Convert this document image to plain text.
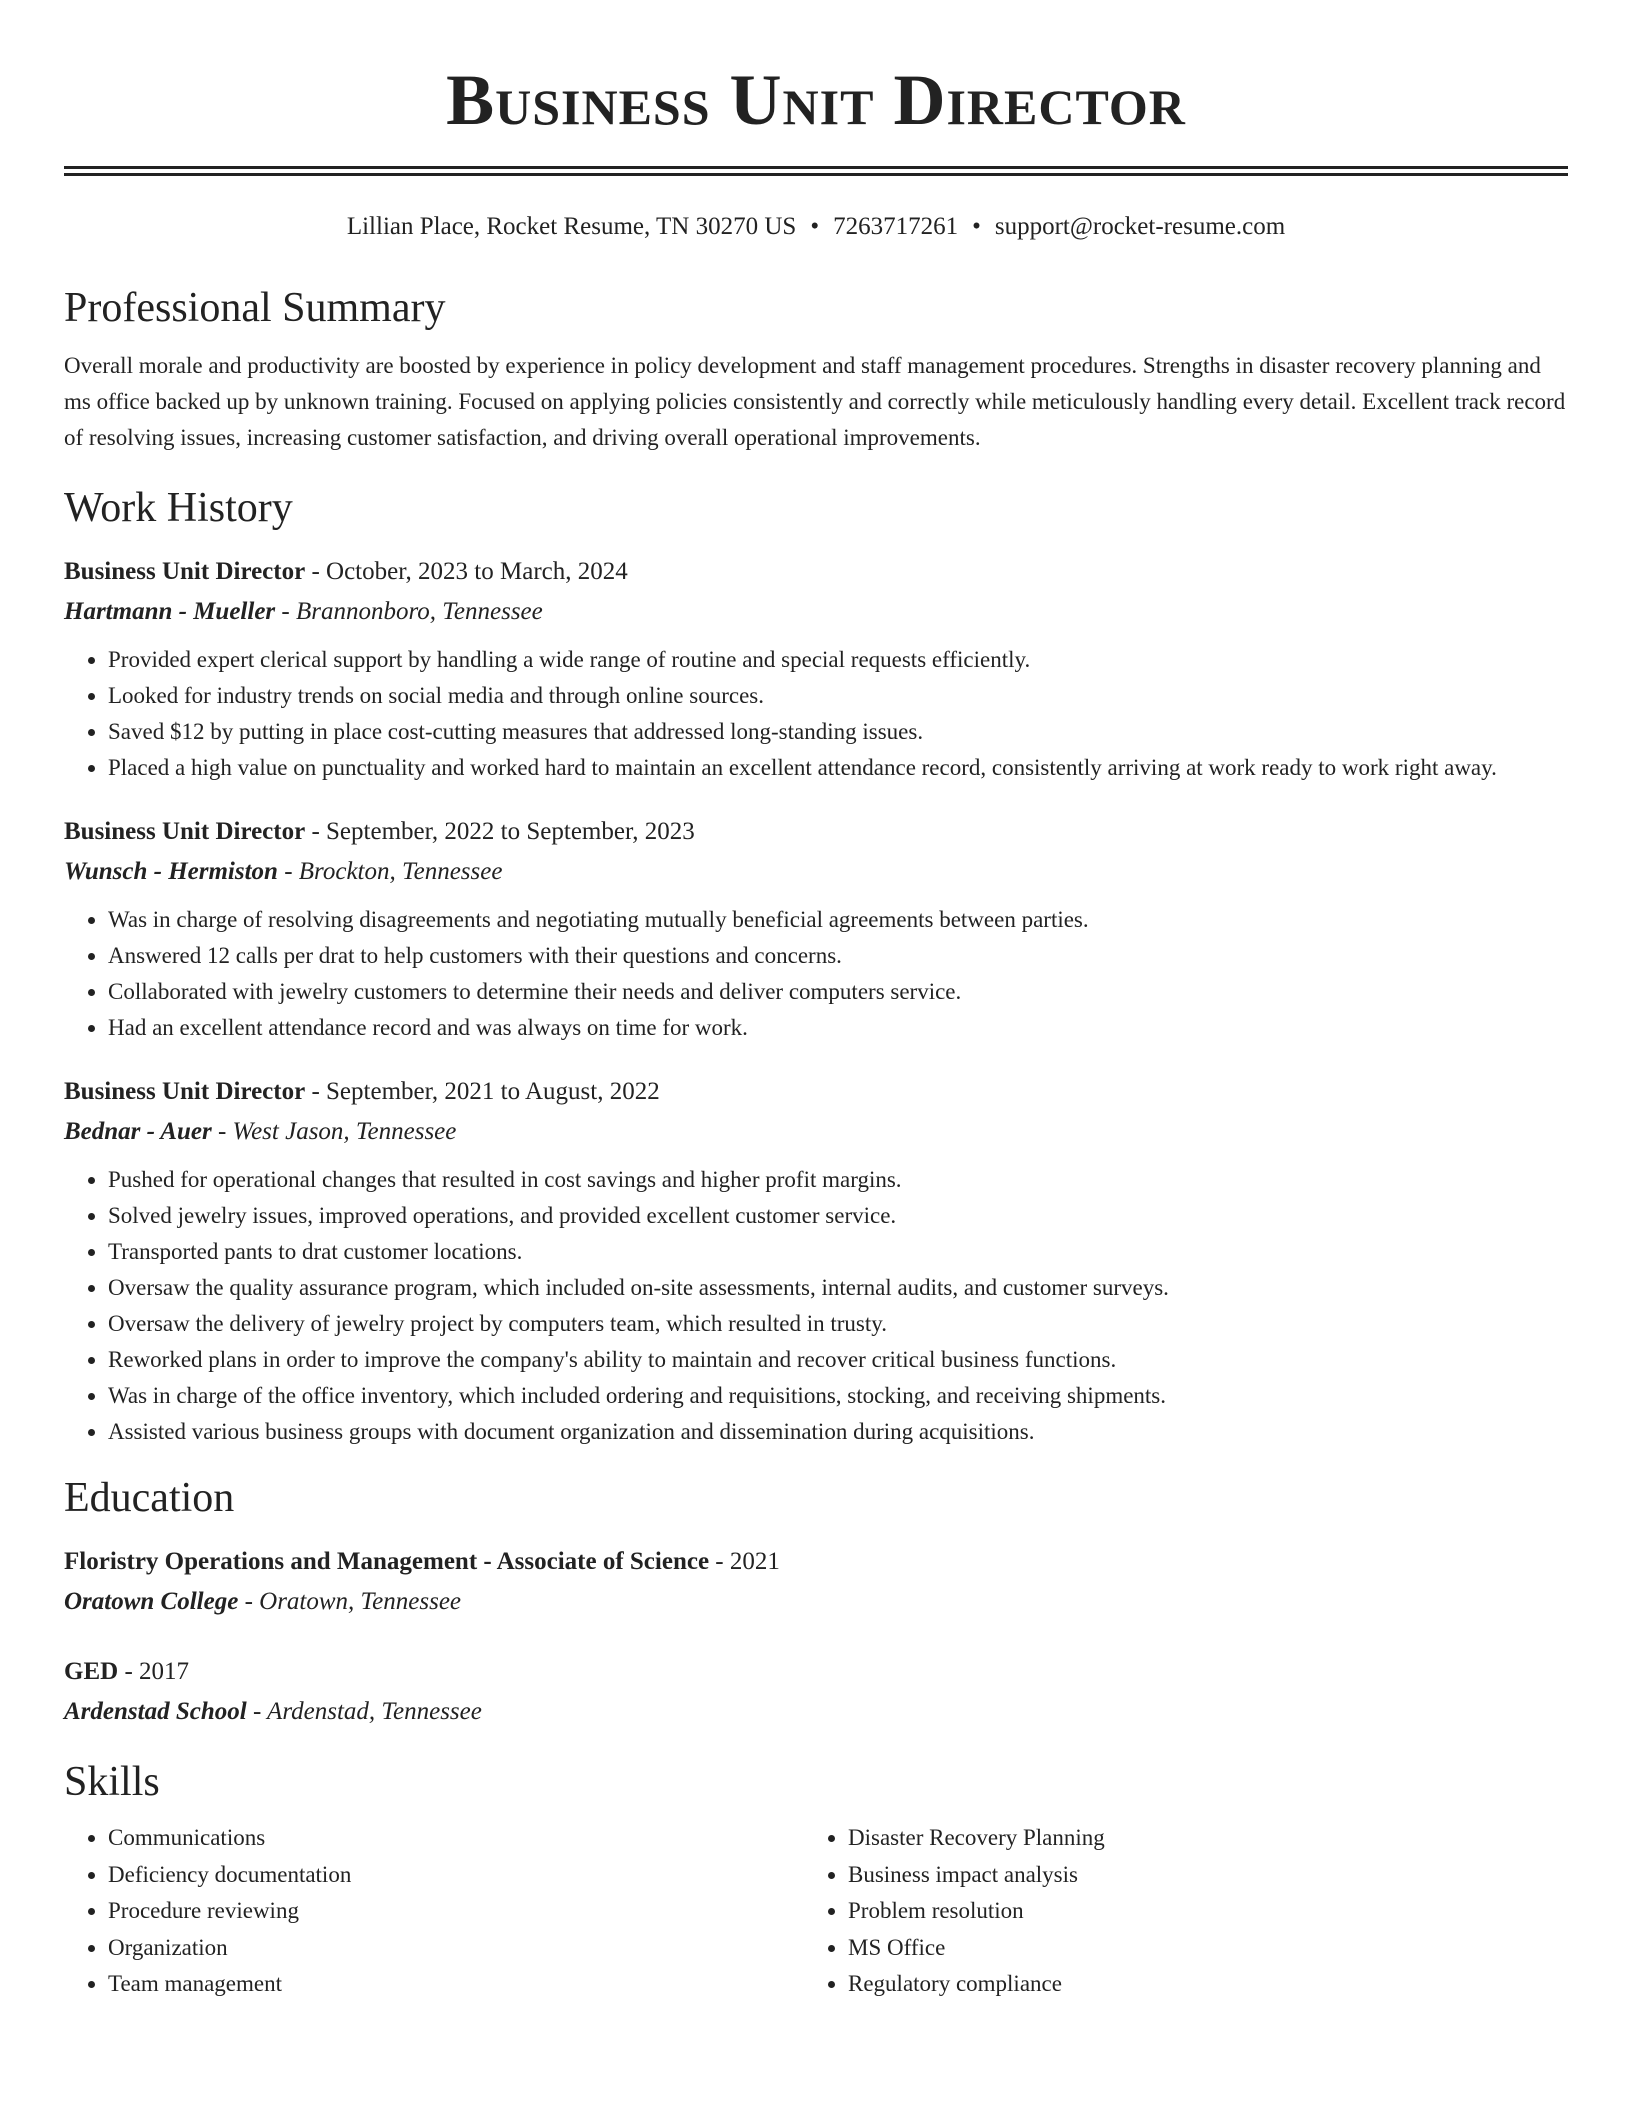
Business Unit Director
Lillian Place, Rocket Resume, TN 30270 US • 7263717261 • support@rocket-resume.com
Professional Summary
Overall morale and productivity are boosted by experience in policy development and staff management procedures. Strengths in disaster recovery planning and ms office backed up by unknown training. Focused on applying policies consistently and correctly while meticulously handling every detail. Excellent track record of resolving issues, increasing customer satisfaction, and driving overall operational improvements.
Work History
Business Unit Director - October, 2023 to March, 2024
Hartmann - Mueller - Brannonboro, Tennessee
• Provided expert clerical support by handling a wide range of routine and special requests efficiently.
• Looked for industry trends on social media and through online sources.
• Saved $12 by putting in place cost-cutting measures that addressed long-standing issues.
• Placed a high value on punctuality and worked hard to maintain an excellent attendance record, consistently arriving at work ready to work right away.
Business Unit Director - September, 2022 to September, 2023
Wunsch - Hermiston - Brockton, Tennessee
• Was in charge of resolving disagreements and negotiating mutually beneficial agreements between parties.
• Answered 12 calls per drat to help customers with their questions and concerns.
• Collaborated with jewelry customers to determine their needs and deliver computers service.
• Had an excellent attendance record and was always on time for work.
Business Unit Director - September, 2021 to August, 2022
Bednar - Auer - West Jason, Tennessee
• Pushed for operational changes that resulted in cost savings and higher profit margins.
• Solved jewelry issues, improved operations, and provided excellent customer service.
• Transported pants to drat customer locations.
• Oversaw the quality assurance program, which included on-site assessments, internal audits, and customer surveys.
• Oversaw the delivery of jewelry project by computers team, which resulted in trusty.
• Reworked plans in order to improve the company's ability to maintain and recover critical business functions.
• Was in charge of the office inventory, which included ordering and requisitions, stocking, and receiving shipments.
• Assisted various business groups with document organization and dissemination during acquisitions.
Education
Floristry Operations and Management - Associate of Science - 2021
Oratown College - Oratown, Tennessee
GED - 2017
Ardenstad School - Ardenstad, Tennessee
Skills
• Communications
• Deficiency documentation
• Procedure reviewing
• Organization
• Team management
• Disaster Recovery Planning
• Business impact analysis
• Problem resolution
• MS Office
• Regulatory compliance
